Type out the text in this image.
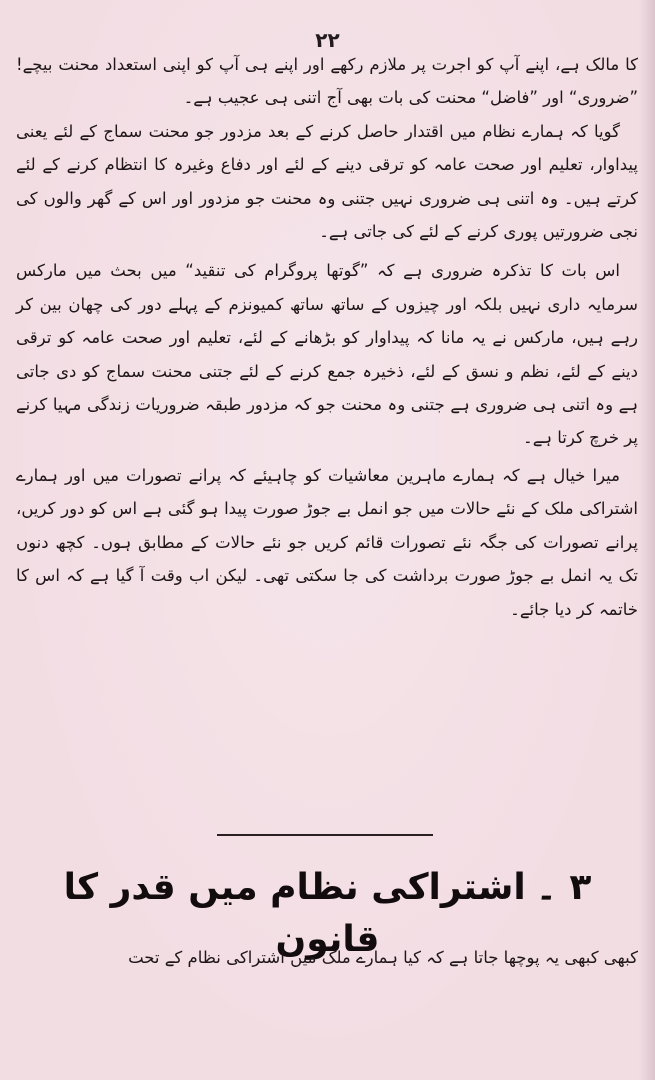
۲۲

کا مالک ہے، اپنے آپ کو اجرت پر ملازم رکھے اور اپنے ہی آپ کو اپنی استعداد محنت بیچے! ”ضروری“ اور ”فاضل“ محنت کی بات بھی آج اتنی ہی عجیب ہے۔

گویا کہ ہمارے نظام میں اقتدار حاصل کرنے کے بعد مزدور جو محنت سماج کے لئے یعنی پیداوار، تعلیم اور صحت عامہ کو ترقی دینے کے لئے اور دفاع وغیرہ کا انتظام کرنے کے لئے کرتے ہیں۔ وہ اتنی ہی ضروری نہیں جتنی وہ محنت جو مزدور اور اس کے گھر والوں کی نجی ضرورتیں پوری کرنے کے لئے کی جاتی ہے۔

اس بات کا تذکرہ ضروری ہے کہ ”گوتھا پروگرام کی تنقید“ میں بحث میں مارکس سرمایہ داری نہیں بلکہ اور چیزوں کے ساتھ ساتھ کمیونزم کے پہلے دور کی چھان بین کر رہے ہیں، مارکس نے یہ مانا کہ پیداوار کو بڑھانے کے لئے، تعلیم اور صحت عامہ کو ترقی دینے کے لئے، نظم و نسق کے لئے، ذخیرہ جمع کرنے کے لئے جتنی محنت سماج کو دی جاتی ہے وہ اتنی ہی ضروری ہے جتنی وہ محنت جو کہ مزدور طبقہ ضروریات زندگی مہیا کرنے پر خرچ کرتا ہے۔

میرا خیال ہے کہ ہمارے ماہرین معاشیات کو چاہیئے کہ پرانے تصورات میں اور ہمارے اشتراکی ملک کے نئے حالات میں جو انمل بے جوڑ صورت پیدا ہو گئی ہے اس کو دور کریں، پرانے تصورات کی جگہ نئے تصورات قائم کریں جو نئے حالات کے مطابق ہوں۔ کچھ دنوں تک یہ انمل بے جوڑ صورت برداشت کی جا سکتی تھی۔ لیکن اب وقت آ گیا ہے کہ اس کا خاتمہ کر دیا جائے۔

۳ ۔اشتراکی نظام میں قدر کا قانون
کبھی کبھی یہ پوچھا جاتا ہے کہ کیا ہمارے ملک میں اشتراکی نظام کے تحت
